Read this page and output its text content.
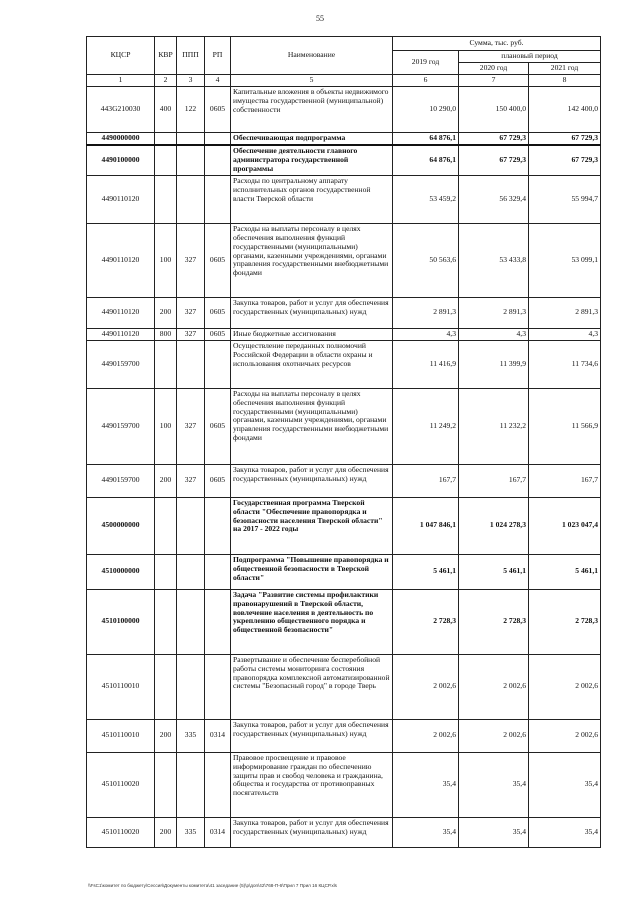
55
КЦСР	КВР	ППП	РП	Наименование	Сумма, тыс. руб.		
					2019 год	плановый период	
						2020 год	2021 год
1	2	3	4	5	6	7	8
443G210030	400	122	0605	Капитальные вложения в объекты недвижимого имущества государственной (муниципальной) собственности	10 290,0	150 400,0	142 400,0
4490000000				Обеспечивающая подпрограмма	64 876,1	67 729,3	67 729,3
4490100000				Обеспечение деятельности главного администратора государственной программы	64 876,1	67 729,3	67 729,3
4490110120				Расходы по центральному аппарату исполнительных органов государственной власти Тверской области	53 459,2	56 329,4	55 994,7
4490110120	100	327	0605	Расходы на выплаты персоналу в целях обеспечения выполнения функций государственными (муниципальными) органами, казенными учреждениями, органами управления государственными внебюджетными фондами	50 563,6	53 433,8	53 099,1
4490110120	200	327	0605	Закупка товаров, работ и услуг для обеспечения государственных (муниципальных) нужд	2 891,3	2 891,3	2 891,3
4490110120	800	327	0605	Иные бюджетные ассигнования	4,3	4,3	4,3
4490159700				Осуществление переданных полномочий Российской Федерации в области охраны и использования охотничьих ресурсов	11 416,9	11 399,9	11 734,6
4490159700	100	327	0605	Расходы на выплаты персоналу в целях обеспечения выполнения функций государственными (муниципальными) органами, казенными учреждениями, органами управления государственными внебюджетными фондами	11 249,2	11 232,2	11 566,9
4490159700	200	327	0605	Закупка товаров, работ и услуг для обеспечения государственных (муниципальных) нужд	167,7	167,7	167,7
4500000000				Государственная программа Тверской области "Обеспечение правопорядка и безопасности населения Тверской области" на 2017 - 2022 годы	1 047 846,1	1 024 278,3	1 023 047,4
4510000000				Подпрограмма "Повышение правопорядка и общественной безопасности в Тверской области"	5 461,1	5 461,1	5 461,1
4510100000				Задача "Развитие системы профилактики правонарушений в Тверской области, вовлечение населения в деятельность по укреплению общественного порядка и общественной безопасности"	2 728,3	2 728,3	2 728,3
4510110010				Развертывание и обеспечение бесперебойной работы системы мониторинга состояния правопорядка комплексной автоматизированной системы "Безопасный город" в городе Тверь	2 002,6	2 002,6	2 002,6
4510110010	200	335	0314	Закупка товаров, работ и услуг для обеспечения государственных (муниципальных) нужд	2 002,6	2 002,6	2 002,6
4510110020				Правовое просвещение и правовое информирование граждан по обеспечению защиты прав и свобод человека и гражданина, общества и государства от противоправных посягательств	35,4	35,4	35,4
4510110020	200	335	0314	Закупка товаров, работ и услуг для обеспечения государственных (муниципальных) нужд	35,4	35,4	35,4
\\FsC1\комитет по бюджету\Сессия\Документы комитета\41 заседание (5)\p\доп\42\768-П-6\Прил 7 Прил 16 КЦСР.xls
